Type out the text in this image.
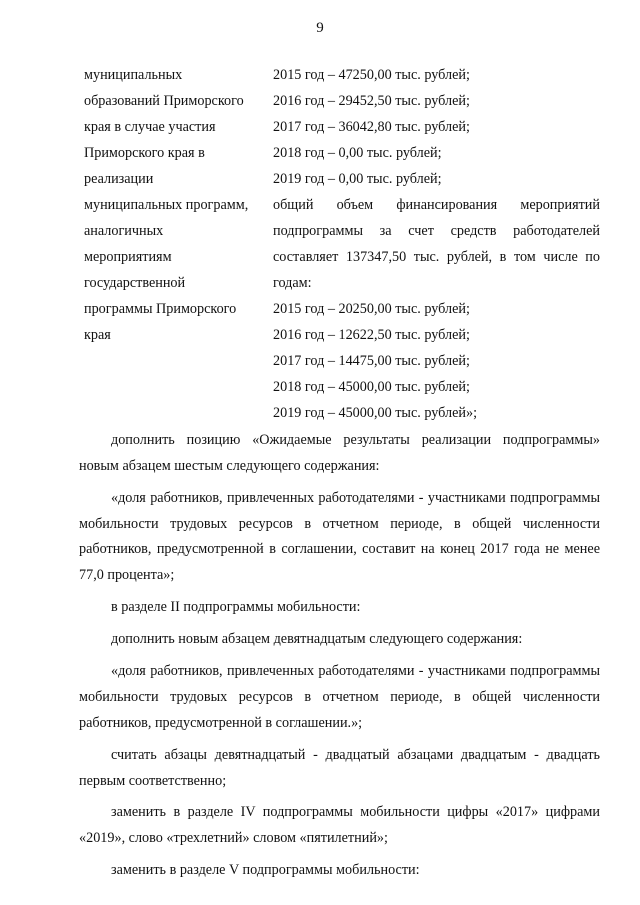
9
муниципальных
образований Приморского
края в случае участия
Приморского края в
реализации
муниципальных программ,
аналогичных
мероприятиям
государственной
программы Приморского
края
2015 год – 47250,00 тыс. рублей;
2016 год – 29452,50 тыс. рублей;
2017 год – 36042,80 тыс. рублей;
2018 год – 0,00 тыс. рублей;
2019 год – 0,00 тыс. рублей;
общий объем финансирования мероприятий подпрограммы за счет средств работодателей составляет 137347,50 тыс. рублей, в том числе по годам:
2015 год – 20250,00 тыс. рублей;
2016 год – 12622,50 тыс. рублей;
2017 год – 14475,00 тыс. рублей;
2018 год – 45000,00 тыс. рублей;
2019 год – 45000,00 тыс. рублей»;

дополнить позицию «Ожидаемые результаты реализации подпрограммы» новым абзацем шестым следующего содержания:

«доля работников, привлеченных работодателями - участниками подпрограммы мобильности трудовых ресурсов в отчетном периоде, в общей численности работников, предусмотренной в соглашении, составит на конец 2017 года не менее 77,0 процента»;

в разделе II подпрограммы мобильности:

дополнить новым абзацем девятнадцатым следующего содержания:

«доля работников, привлеченных работодателями - участниками подпрограммы мобильности трудовых ресурсов в отчетном периоде, в общей численности работников, предусмотренной в соглашении.»;

считать абзацы девятнадцатый - двадцатый абзацами двадцатым - двадцать первым соответственно;

заменить в разделе IV подпрограммы мобильности цифры «2017» цифрами «2019», слово «трехлетний» словом «пятилетний»;

заменить в разделе V подпрограммы мобильности:
